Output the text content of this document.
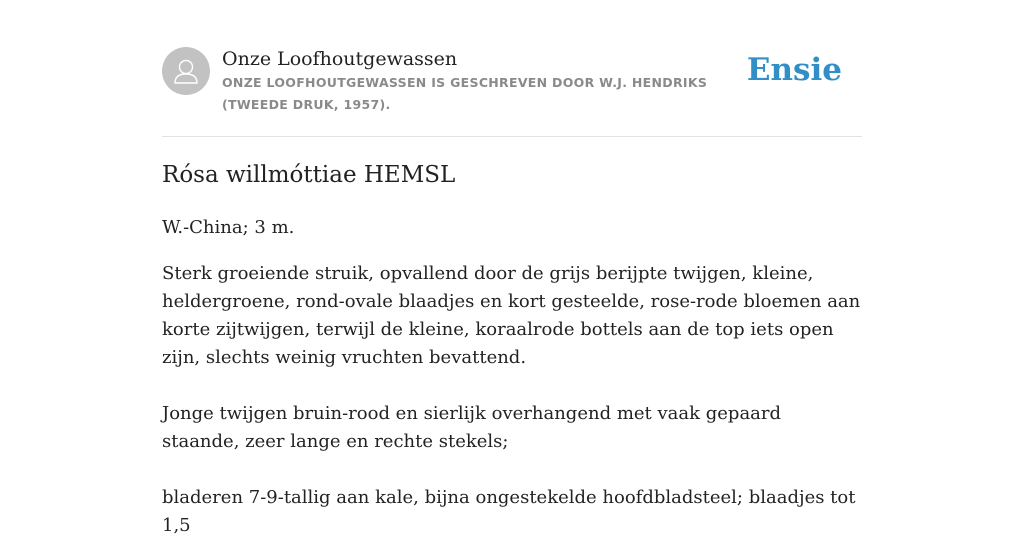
Onze Loofhoutgewassen
ONZE LOOFHOUTGEWASSEN IS GESCHREVEN DOOR W.J. HENDRIKS (TWEEDE DRUK, 1957).
Ensie
Rósa willmóttiae HEMSL

W.-China; 3 m.

Sterk groeiende struik, opvallend door de grijs berijpte twijgen, kleine, heldergroene, rond-ovale blaadjes en kort gesteelde, rose-rode bloemen aan korte zijtwijgen, terwijl de kleine, koraalrode bottels aan de top iets open zijn, slechts weinig vruchten bevattend.

Jonge twijgen bruin-rood en sierlijk overhangend met vaak gepaard staande, zeer lange en rechte stekels;

bladeren 7-9-tallig aan kale, bijna ongestekelde hoofdbladsteel; blaadjes tot 1,5
